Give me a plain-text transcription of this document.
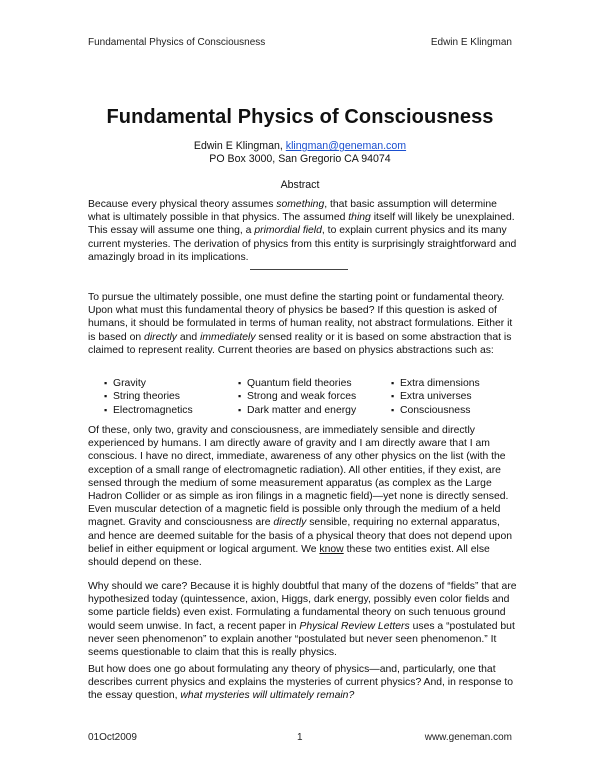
Fundamental Physics of Consciousness	Edwin E Klingman
Fundamental Physics of Consciousness
Edwin E Klingman, klingman@geneman.com
PO Box 3000, San Gregorio CA 94074
Abstract

Because every physical theory assumes something, that basic assumption will determine what is ultimately possible in that physics. The assumed thing itself will likely be unexplained. This essay will assume one thing, a primordial field, to explain current physics and its many current mysteries. The derivation of physics from this entity is surprisingly straightforward and amazingly broad in its implications.

To pursue the ultimately possible, one must define the starting point or fundamental theory. Upon what must this fundamental theory of physics be based? If this question is asked of humans, it should be formulated in terms of human reality, not abstract formulations. Either it is based on directly and immediately sensed reality or it is based on some abstraction that is claimed to represent reality. Current theories are based on physics abstractions such as:

▪ Gravity
▪ String theories
▪ Electromagnetics
▪ Quantum field theories
▪ Strong and weak forces
▪ Dark matter and energy
▪ Extra dimensions
▪ Extra universes
▪ Consciousness

Of these, only two, gravity and consciousness, are immediately sensible and directly experienced by humans. I am directly aware of gravity and I am directly aware that I am conscious. I have no direct, immediate, awareness of any other physics on the list (with the exception of a small range of electromagnetic radiation). All other entities, if they exist, are sensed through the medium of some measurement apparatus (as complex as the Large Hadron Collider or as simple as iron filings in a magnetic field)—yet none is directly sensed. Even muscular detection of a magnetic field is possible only through the medium of a held magnet. Gravity and consciousness are directly sensible, requiring no external apparatus, and hence are deemed suitable for the basis of a physical theory that does not depend upon belief in either equipment or logical argument. We know these two entities exist. All else should depend on these.

Why should we care? Because it is highly doubtful that many of the dozens of “fields” that are hypothesized today (quintessence, axion, Higgs, dark energy, possibly even color fields and some particle fields) even exist. Formulating a fundamental theory on such tenuous ground would seem unwise. In fact, a recent paper in Physical Review Letters uses a “postulated but never seen phenomenon” to explain another “postulated but never seen phenomenon.” It seems questionable to claim that this is really physics.

But how does one go about formulating any theory of physics—and, particularly, one that describes current physics and explains the mysteries of current physics? And, in response to the essay question, what mysteries will ultimately remain?

01Oct2009	1	www.geneman.com
